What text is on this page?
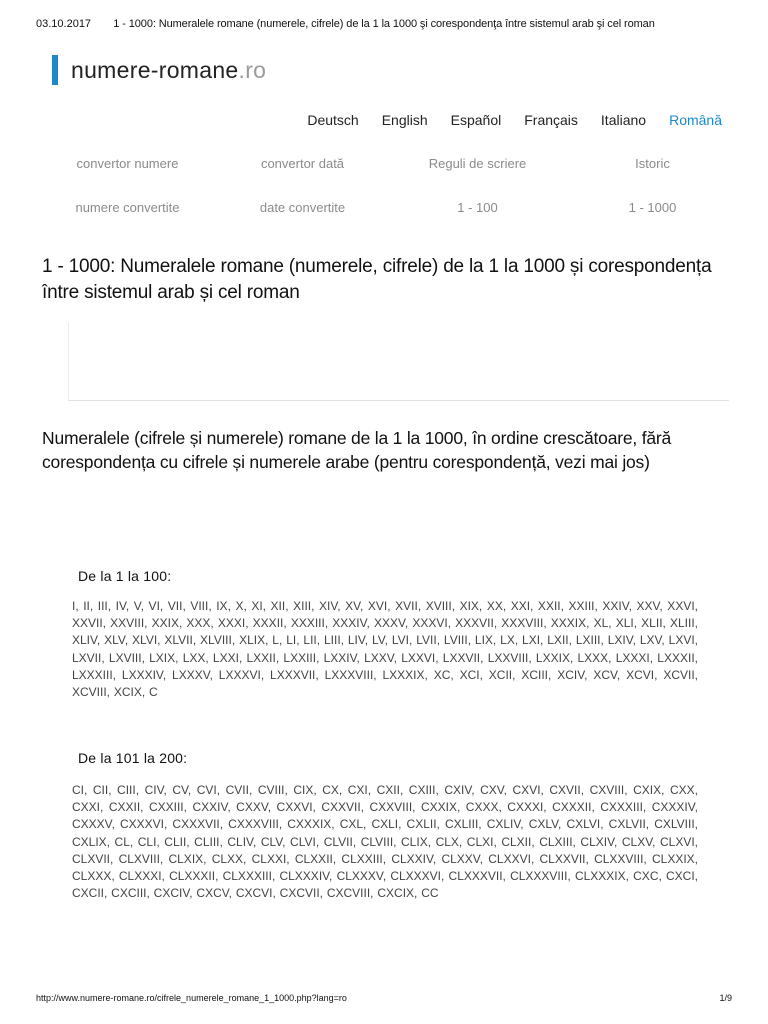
03.10.2017	1 - 1000: Numeralele romane (numerele, cifrele) de la 1 la 1000 şi corespondenţa între sistemul arab şi cel roman
numere-romane.ro
Deutsch English Español Français Italiano Română
convertor numere	convertor dată	Reguli de scriere	Istoric
numere convertite	date convertite	1 - 100	1 - 1000
1 - 1000: Numeralele romane (numerele, cifrele) de la 1 la 1000 și corespondența între sistemul arab și cel roman
Numeralele (cifrele și numerele) romane de la 1 la 1000, în ordine crescătoare, fără corespondența cu cifrele și numerele arabe (pentru corespondență, vezi mai jos)
De la 1 la 100:

I, II, III, IV, V, VI, VII, VIII, IX, X, XI, XII, XIII, XIV, XV, XVI, XVII, XVIII, XIX, XX, XXI, XXII, XXIII, XXIV, XXV, XXVI, XXVII, XXVIII, XXIX, XXX, XXXI, XXXII, XXXIII, XXXIV, XXXV, XXXVI, XXXVII, XXXVIII, XXXIX, XL, XLI, XLII, XLIII, XLIV, XLV, XLVI, XLVII, XLVIII, XLIX, L, LI, LII, LIII, LIV, LV, LVI, LVII, LVIII, LIX, LX, LXI, LXII, LXIII, LXIV, LXV, LXVI, LXVII, LXVIII, LXIX, LXX, LXXI, LXXII, LXXIII, LXXIV, LXXV, LXXVI, LXXVII, LXXVIII, LXXIX, LXXX, LXXXI, LXXXII, LXXXIII, LXXXIV, LXXXV, LXXXVI, LXXXVII, LXXXVIII, LXXXIX, XC, XCI, XCII, XCIII, XCIV, XCV, XCVI, XCVII, XCVIII, XCIX, C

De la 101 la 200:

CI, CII, CIII, CIV, CV, CVI, CVII, CVIII, CIX, CX, CXI, CXII, CXIII, CXIV, CXV, CXVI, CXVII, CXVIII, CXIX, CXX, CXXI, CXXII, CXXIII, CXXIV, CXXV, CXXVI, CXXVII, CXXVIII, CXXIX, CXXX, CXXXI, CXXXII, CXXXIII, CXXXIV, CXXXV, CXXXVI, CXXXVII, CXXXVIII, CXXXIX, CXL, CXLI, CXLII, CXLIII, CXLIV, CXLV, CXLVI, CXLVII, CXLVIII, CXLIX, CL, CLI, CLII, CLIII, CLIV, CLV, CLVI, CLVII, CLVIII, CLIX, CLX, CLXI, CLXII, CLXIII, CLXIV, CLXV, CLXVI, CLXVII, CLXVIII, CLXIX, CLXX, CLXXI, CLXXII, CLXXIII, CLXXIV, CLXXV, CLXXVI, CLXXVII, CLXXVIII, CLXXIX, CLXXX, CLXXXI, CLXXXII, CLXXXIII, CLXXXIV, CLXXXV, CLXXXVI, CLXXXVII, CLXXXVIII, CLXXXIX, CXC, CXCI, CXCII, CXCIII, CXCIV, CXCV, CXCVI, CXCVII, CXCVIII, CXCIX, CC

http://www.numere-romane.ro/cifrele_numerele_romane_1_1000.php?lang=ro	1/9
